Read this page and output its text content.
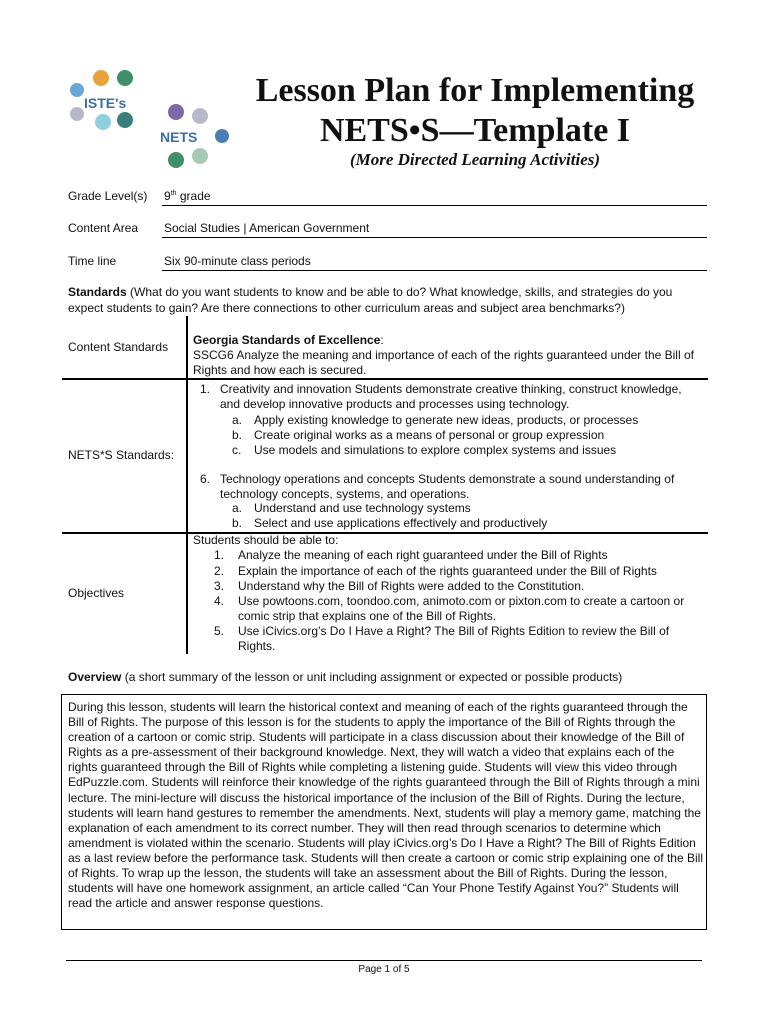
ISTE's
NETS
Lesson Plan for Implementing
NETS•S—Template I
(More Directed Learning Activities)
Grade Level(s) 9th grade
Content Area Social Studies | American Government
Time line	Six 90-minute class periods
Standards (What do you want students to know and be able to do? What knowledge, skills, and strategies do you expect students to gain? Are there connections to other curriculum areas and subject area benchmarks?)
Content Standards Georgia Standards of Excellence:
SSCG6 Analyze the meaning and importance of each of the rights guaranteed under the Bill of Rights and how each is secured.
NETS*S Standards:
1. Creativity and innovation Students demonstrate creative thinking, construct knowledge, and develop innovative products and processes using technology.
a. Apply existing knowledge to generate new ideas, products, or processes
b. Create original works as a means of personal or group expression
c. Use models and simulations to explore complex systems and issues
6. Technology operations and concepts Students demonstrate a sound understanding of technology concepts, systems, and operations.
a. Understand and use technology systems
b. Select and use applications effectively and productively
Objectives
Students should be able to:
1. Analyze the meaning of each right guaranteed under the Bill of Rights
2. Explain the importance of each of the rights guaranteed under the Bill of Rights
3. Understand why the Bill of Rights were added to the Constitution.
4. Use powtoons.com, toondoo.com, animoto.com or pixton.com to create a cartoon or comic strip that explains one of the Bill of Rights.
5. Use iCivics.org’s Do I Have a Right? The Bill of Rights Edition to review the Bill of Rights.
Overview (a short summary of the lesson or unit including assignment or expected or possible products)
During this lesson, students will learn the historical context and meaning of each of the rights guaranteed through the Bill of Rights. The purpose of this lesson is for the students to apply the importance of the Bill of Rights through the creation of a cartoon or comic strip. Students will participate in a class discussion about their knowledge of the Bill of Rights as a pre-assessment of their background knowledge. Next, they will watch a video that explains each of the rights guaranteed through the Bill of Rights while completing a listening guide. Students will view this video through EdPuzzle.com. Students will reinforce their knowledge of the rights guaranteed through the Bill of Rights through a mini lecture. The mini-lecture will discuss the historical importance of the inclusion of the Bill of Rights. During the lecture, students will learn hand gestures to remember the amendments. Next, students will play a memory game, matching the explanation of each amendment to its correct number. They will then read through scenarios to determine which amendment is violated within the scenario. Students will play iCivics.org’s Do I Have a Right? The Bill of Rights Edition as a last review before the performance task. Students will then create a cartoon or comic strip explaining one of the Bill of Rights. To wrap up the lesson, the students will take an assessment about the Bill of Rights. During the lesson, students will have one homework assignment, an article called “Can Your Phone Testify Against You?” Students will read the article and answer response questions.
Page 1 of 5
